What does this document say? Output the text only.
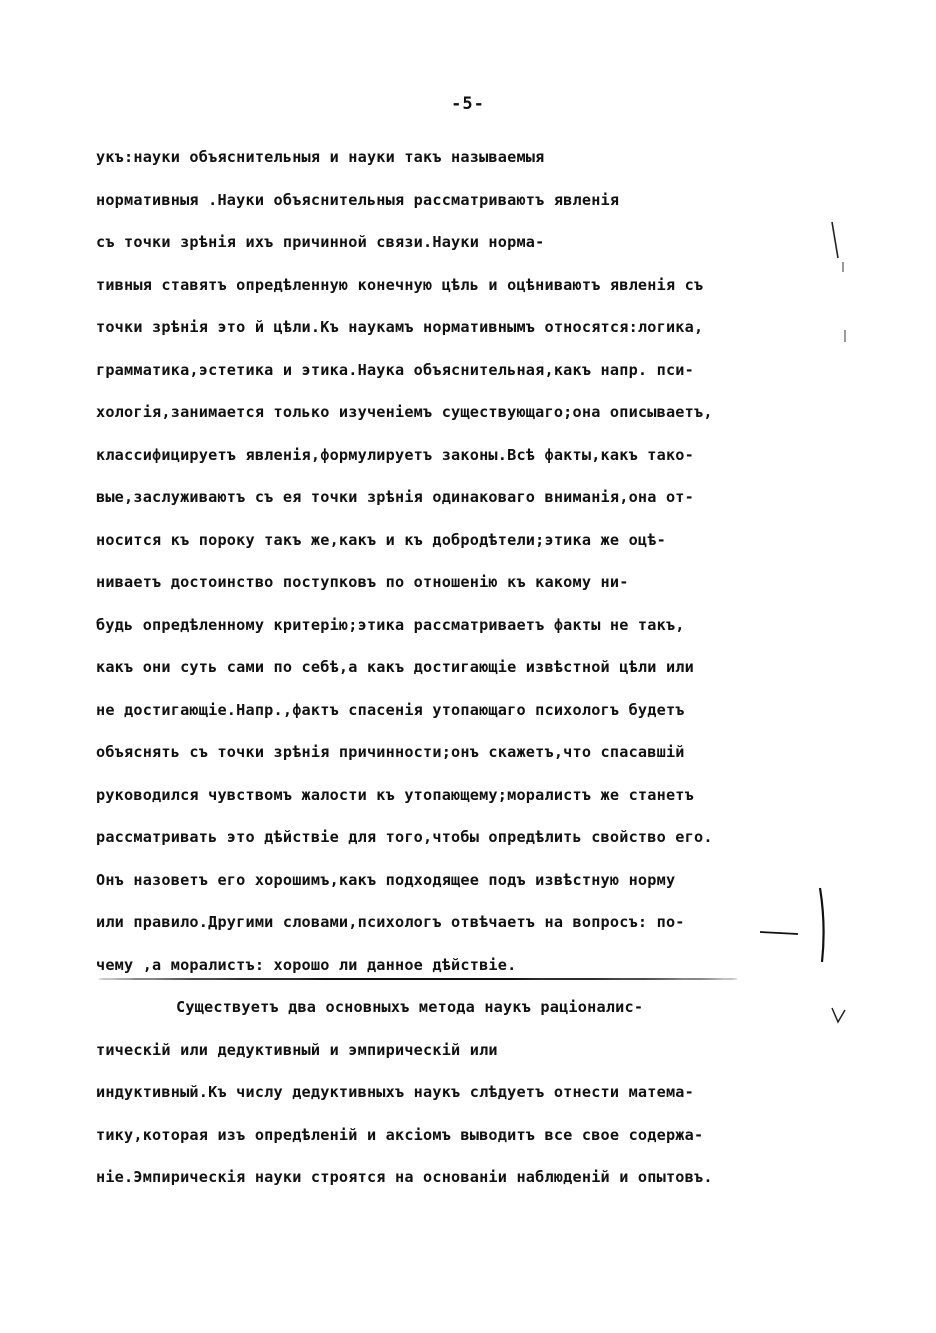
-5-
укъ:науки объяснительныя и науки такъ называемыя
нормативныя .Науки объяснительныя рассматриваютъ явленія
съ точки зрѣнія ихъ причинной связи.Науки норма-
тивныя ставятъ опредѣленную конечную цѣль и оцѣниваютъ явленія съ
точки зрѣнія это й цѣли.Къ наукамъ нормативнымъ относятся:логика,
грамматика,эстетика и этика.Наука объяснительная,какъ напр. пси-
хологія,занимается только изученіемъ существующаго;она описываетъ,
классифицируетъ явленія,формулируетъ законы.Всѣ факты,какъ тако-
вые,заслуживаютъ съ ея точки зрѣнія одинаковаго вниманія,она от-
носится къ пороку такъ же,какъ и къ добродѣтели;этика же оцѣ-
ниваетъ достоинство поступковъ по отношенію къ какому ни-
будь опредѣленному критерію;этика рассматриваетъ факты не такъ,
какъ они суть сами по себѣ,а какъ достигающіе извѣстной цѣли или
не достигающіе.Напр.,фактъ спасенія утопающаго психологъ будетъ
объяснять съ точки зрѣнія причинности;онъ скажетъ,что спасавшій
руководился чувствомъ жалости къ утопающему;моралистъ же станетъ
рассматривать это дѣйствіе для того,чтобы опредѣлить свойство его.
Онъ назоветъ его хорошимъ,какъ подходящее подъ извѣстную норму
или правило.Другими словами,психологъ отвѣчаетъ на вопросъ: по-
чему ,а моралистъ: хорошо ли данное дѣйствіе.
Существуетъ два основныхъ метода наукъ раціоналис-
тическій или дедуктивный и эмпирическій или
индуктивный.Къ числу дедуктивныхъ наукъ слѣдуетъ отнести матема-
тику,которая изъ опредѣленій и аксіомъ выводитъ все свое содержа-
ніе.Эмпирическія науки строятся на основаніи наблюденій и опытовъ.
